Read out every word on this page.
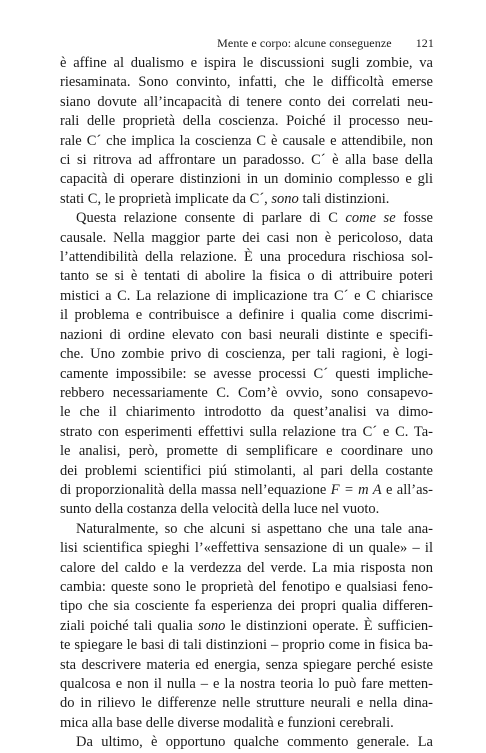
Mente e corpo: alcune conseguenze 121
è affine al dualismo e ispira le discussioni sugli zombie, va
riesaminata. Sono convinto, infatti, che le difficoltà emerse
siano dovute all’incapacità di tenere conto dei correlati neu-
rali delle proprietà della coscienza. Poiché il processo neu-
rale C´ che implica la coscienza C è causale e attendibile, non
ci si ritrova ad affrontare un paradosso. C´ è alla base della
capacità di operare distinzioni in un dominio complesso e gli
stati C, le proprietà implicate da C´, sono tali distinzioni.
Questa relazione consente di parlare di C come se fosse
causale. Nella maggior parte dei casi non è pericoloso, data
l’attendibilità della relazione. È una procedura rischiosa sol-
tanto se si è tentati di abolire la fisica o di attribuire poteri
mistici a C. La relazione di implicazione tra C´ e C chiarisce
il problema e contribuisce a definire i qualia come discrimi-
nazioni di ordine elevato con basi neurali distinte e specifi-
che. Uno zombie privo di coscienza, per tali ragioni, è logi-
camente impossibile: se avesse processi C´ questi impliche-
rebbero necessariamente C. Com’è ovvio, sono consapevo-
le che il chiarimento introdotto da quest’analisi va dimo-
strato con esperimenti effettivi sulla relazione tra C´ e C. Ta-
le analisi, però, promette di semplificare e coordinare uno
dei problemi scientifici piú stimolanti, al pari della costante
di proporzionalità della massa nell’equazione F = m A e all’as-
sunto della costanza della velocità della luce nel vuoto.
Naturalmente, so che alcuni si aspettano che una tale ana-
lisi scientifica spieghi l’«effettiva sensazione di un quale» – il
calore del caldo e la verdezza del verde. La mia risposta non
cambia: queste sono le proprietà del fenotipo e qualsiasi feno-
tipo che sia cosciente fa esperienza dei propri qualia differen-
ziali poiché tali qualia sono le distinzioni operate. È sufficien-
te spiegare le basi di tali distinzioni – proprio come in fisica ba-
sta descrivere materia ed energia, senza spiegare perché esiste
qualcosa e non il nulla – e la nostra teoria lo può fare metten-
do in rilievo le differenze nelle strutture neurali e nella dina-
mica alla base delle diverse modalità e funzioni cerebrali.
Da ultimo, è opportuno qualche commento generale. La
